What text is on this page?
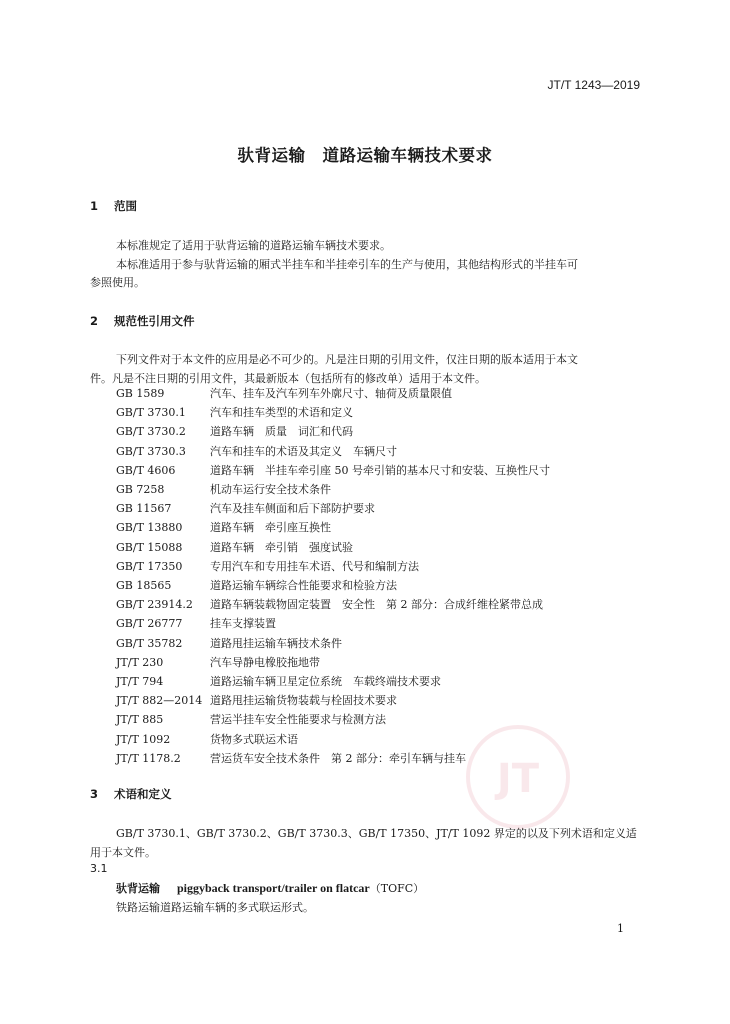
JT/T 1243—2019
驮背运输　道路运输车辆技术要求
1 范围
本标准规定了适用于驮背运输的道路运输车辆技术要求。
本标准适用于参与驮背运输的厢式半挂车和半挂牵引车的生产与使用，其他结构形式的半挂车可
参照使用。
2 规范性引用文件
下列文件对于本文件的应用是必不可少的。凡是注日期的引用文件，仅注日期的版本适用于本文
件。凡是不注日期的引用文件，其最新版本（包括所有的修改单）适用于本文件。
GB 1589	汽车、挂车及汽车列车外廓尺寸、轴荷及质量限值
GB/T 3730.1 汽车和挂车类型的术语和定义
GB/T 3730.2 道路车辆　质量　词汇和代码
GB/T 3730.3 汽车和挂车的术语及其定义　车辆尺寸
GB/T 4606	道路车辆　半挂车牵引座 50 号牵引销的基本尺寸和安装、互换性尺寸
GB 7258	机动车运行安全技术条件
GB 11567	汽车及挂车侧面和后下部防护要求
GB/T 13880	道路车辆　牵引座互换性
GB/T 15088	道路车辆　牵引销　强度试验
GB/T 17350	专用汽车和专用挂车术语、代号和编制方法
GB 18565	道路运输车辆综合性能要求和检验方法
GB/T 23914.2 道路车辆装载物固定装置　安全性　第 2 部分：合成纤维栓紧带总成
GB/T 26777	挂车支撑装置
GB/T 35782	道路甩挂运输车辆技术条件
JT/T 230	汽车导静电橡胶拖地带
JT/T 794	道路运输车辆卫星定位系统　车载终端技术要求
JT/T 882—2014 道路甩挂运输货物装载与栓固技术要求
JT/T 885	营运半挂车安全性能要求与检测方法
JT/T 1092	货物多式联运术语
JT/T 1178.2	营运货车安全技术条件　第 2 部分：牵引车辆与挂车
3 术语和定义
GB/T 3730.1、GB/T 3730.2、GB/T 3730.3、GB/T 17350、JT/T 1092 界定的以及下列术语和定义适
用于本文件。
3.1
驮背运输 piggyback transport/trailer on flatcar（TOFC）
铁路运输道路运输车辆的多式联运形式。
1
JT
